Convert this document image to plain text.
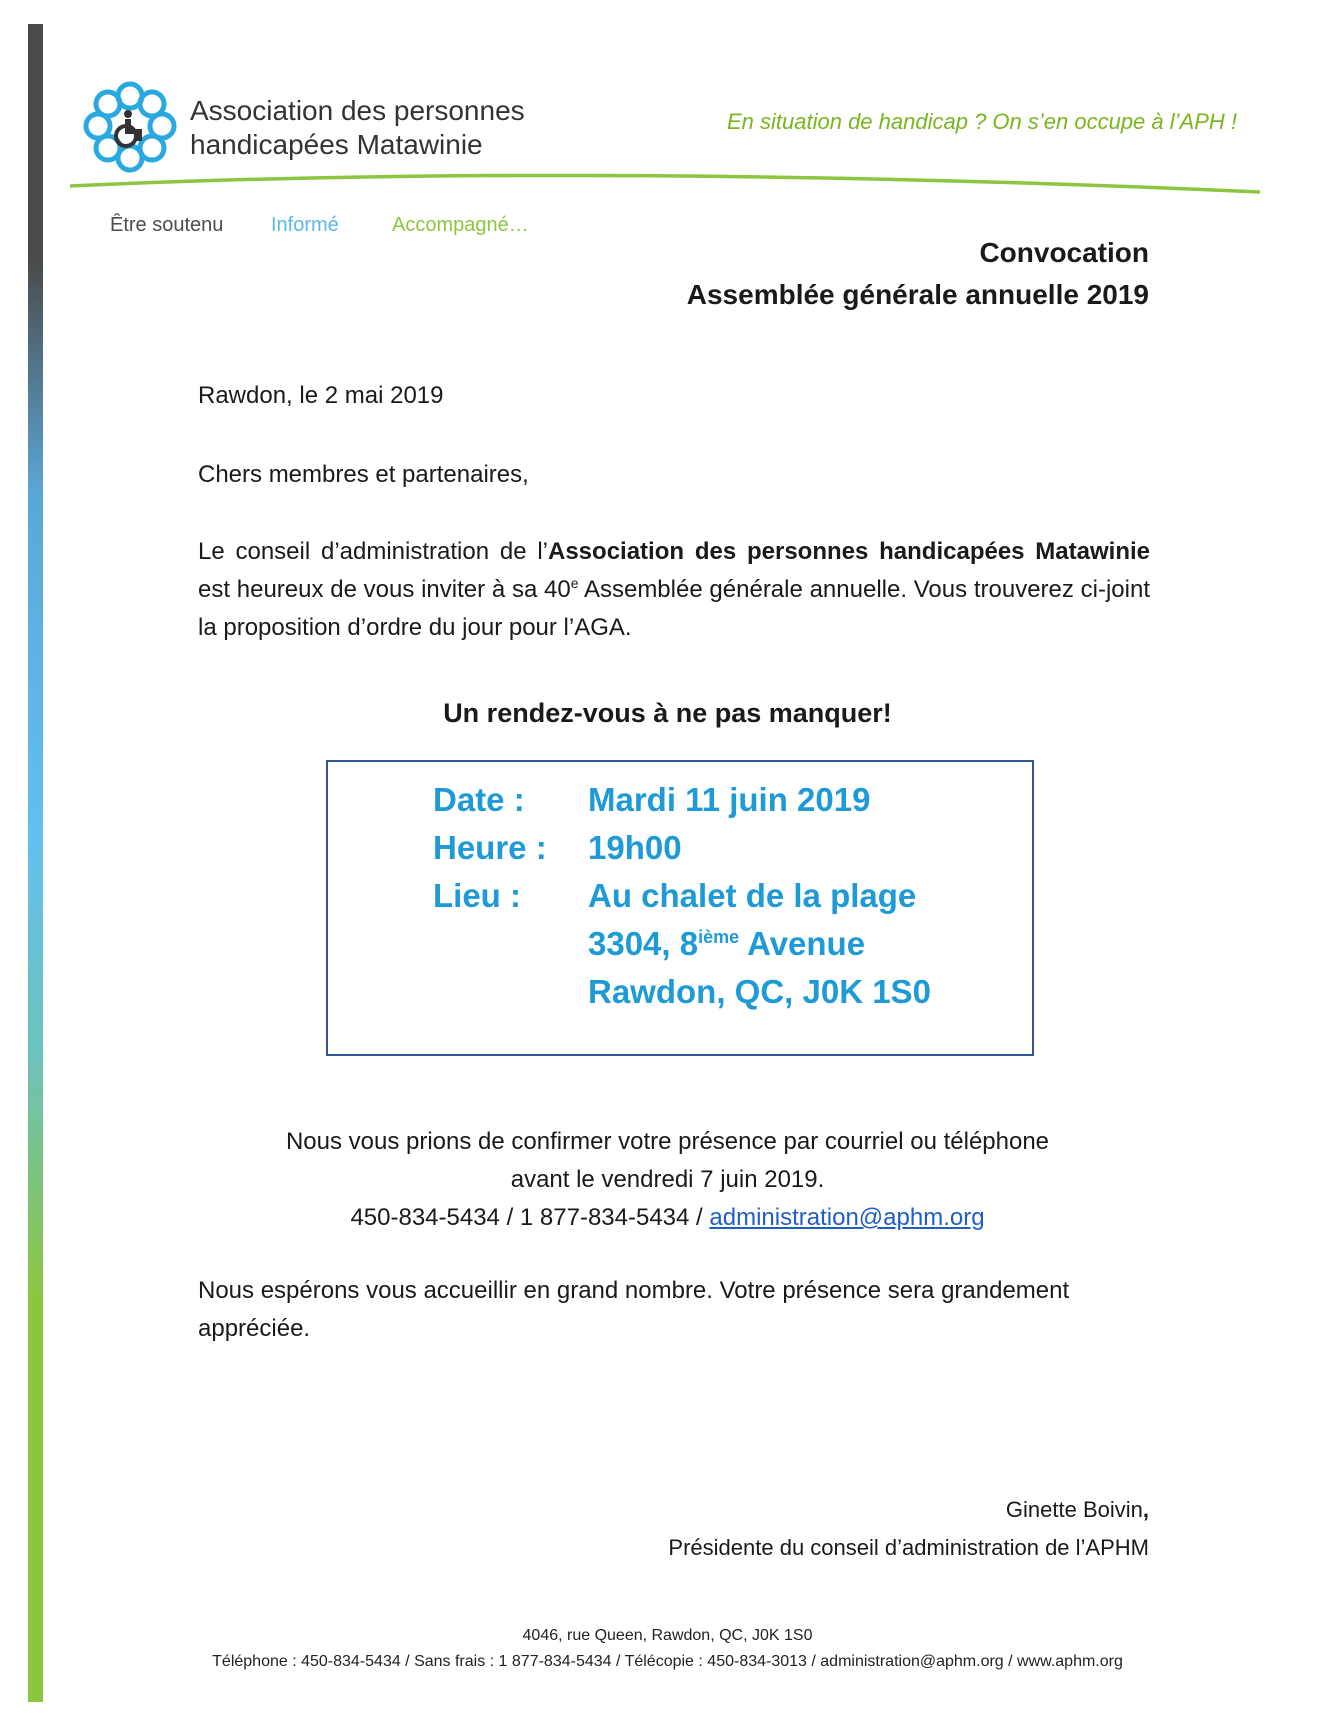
Association des personnes
handicapées Matawinie
En situation de handicap ? On s’en occupe à l’APH !
Être soutenu Informé	Accompagné…
Convocation
Assemblée générale annuelle 2019
Rawdon, le 2 mai 2019
Chers membres et partenaires,
Le conseil d’administration de l’Association des personnes handicapées Matawinie est heureux de vous inviter à sa 40e Assemblée générale annuelle. Vous trouverez ci-joint la proposition d’ordre du jour pour l’AGA.
Un rendez-vous à ne pas manquer!
Date : Mardi 11 juin 2019
Heure : 19h00
Lieu : Au chalet de la plage
3304, 8ième Avenue
Rawdon, QC, J0K 1S0
Nous vous prions de confirmer votre présence par courriel ou téléphone
avant le vendredi 7 juin 2019.
450-834-5434 / 1 877-834-5434 / administration@aphm.org
Nous espérons vous accueillir en grand nombre. Votre présence sera grandement appréciée.
Ginette Boivin,
Présidente du conseil d’administration de l’APHM
4046, rue Queen, Rawdon, QC, J0K 1S0
Téléphone : 450-834-5434 / Sans frais : 1 877-834-5434 / Télécopie : 450-834-3013 / administration@aphm.org / www.aphm.org
